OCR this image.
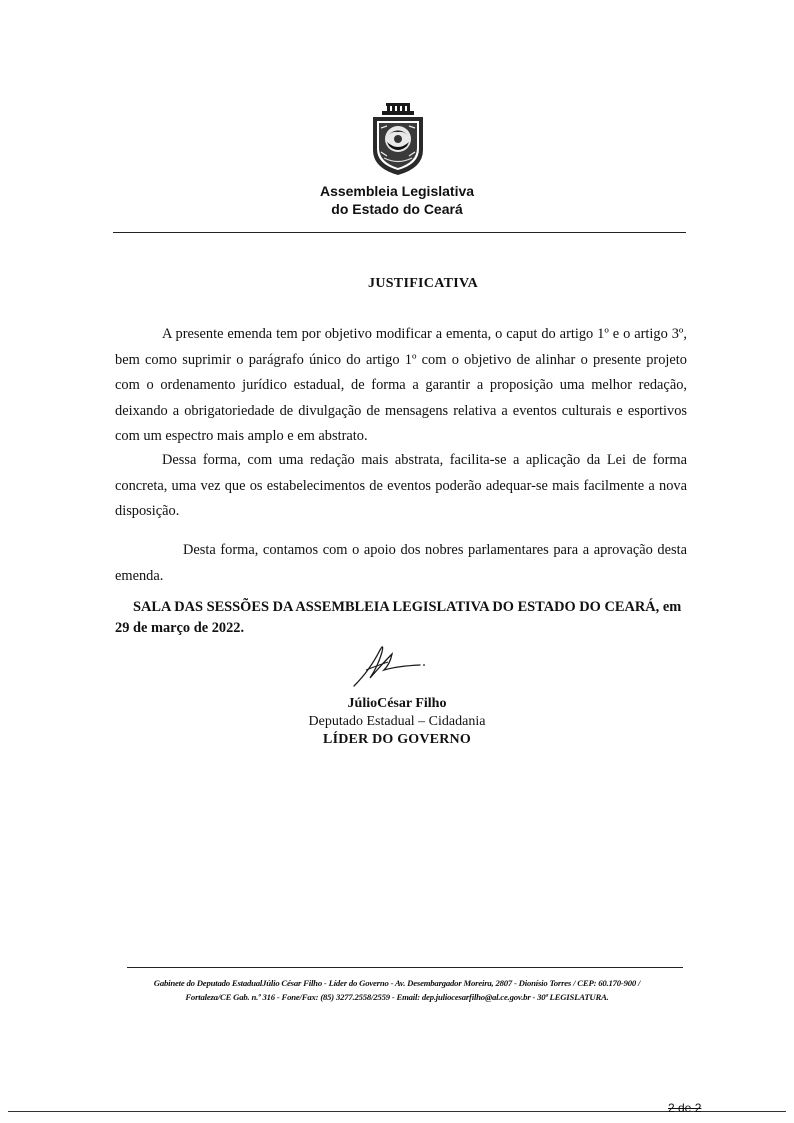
Assembleia Legislativa
do Estado do Ceará
JUSTIFICATIVA

A presente emenda tem por objetivo modificar a ementa, o caput do artigo 1º e o artigo 3º, bem como suprimir o parágrafo único do artigo 1º com o objetivo de alinhar o presente projeto com o ordenamento jurídico estadual, de forma a garantir a proposição uma melhor redação, deixando a obrigatoriedade de divulgação de mensagens relativa a eventos culturais e esportivos com um espectro mais amplo e em abstrato.

Dessa forma, com uma redação mais abstrata, facilita-se a aplicação da Lei de forma concreta, uma vez que os estabelecimentos de eventos poderão adequar-se mais facilmente a nova disposição.

Desta forma, contamos com o apoio dos nobres parlamentares para a aprovação desta emenda.

SALA DAS SESSÕES DA ASSEMBLEIA LEGISLATIVA DO ESTADO DO CEARÁ, em 29 de março de 2022.

JúlioCésar Filho
Deputado Estadual – Cidadania
LÍDER DO GOVERNO
Gabinete do Deputado EstadualJúlio César Filho - Líder do Governo - Av. Desembargador Moreira, 2807 - Dionísio Torres / CEP: 60.170-900 /
Fortaleza/CE Gab. n.º 316 - Fone/Fax: (85) 3277.2558/2559 - Email: dep.juliocesarfilho@al.ce.gov.br - 30ª LEGISLATURA.
2 de 2
